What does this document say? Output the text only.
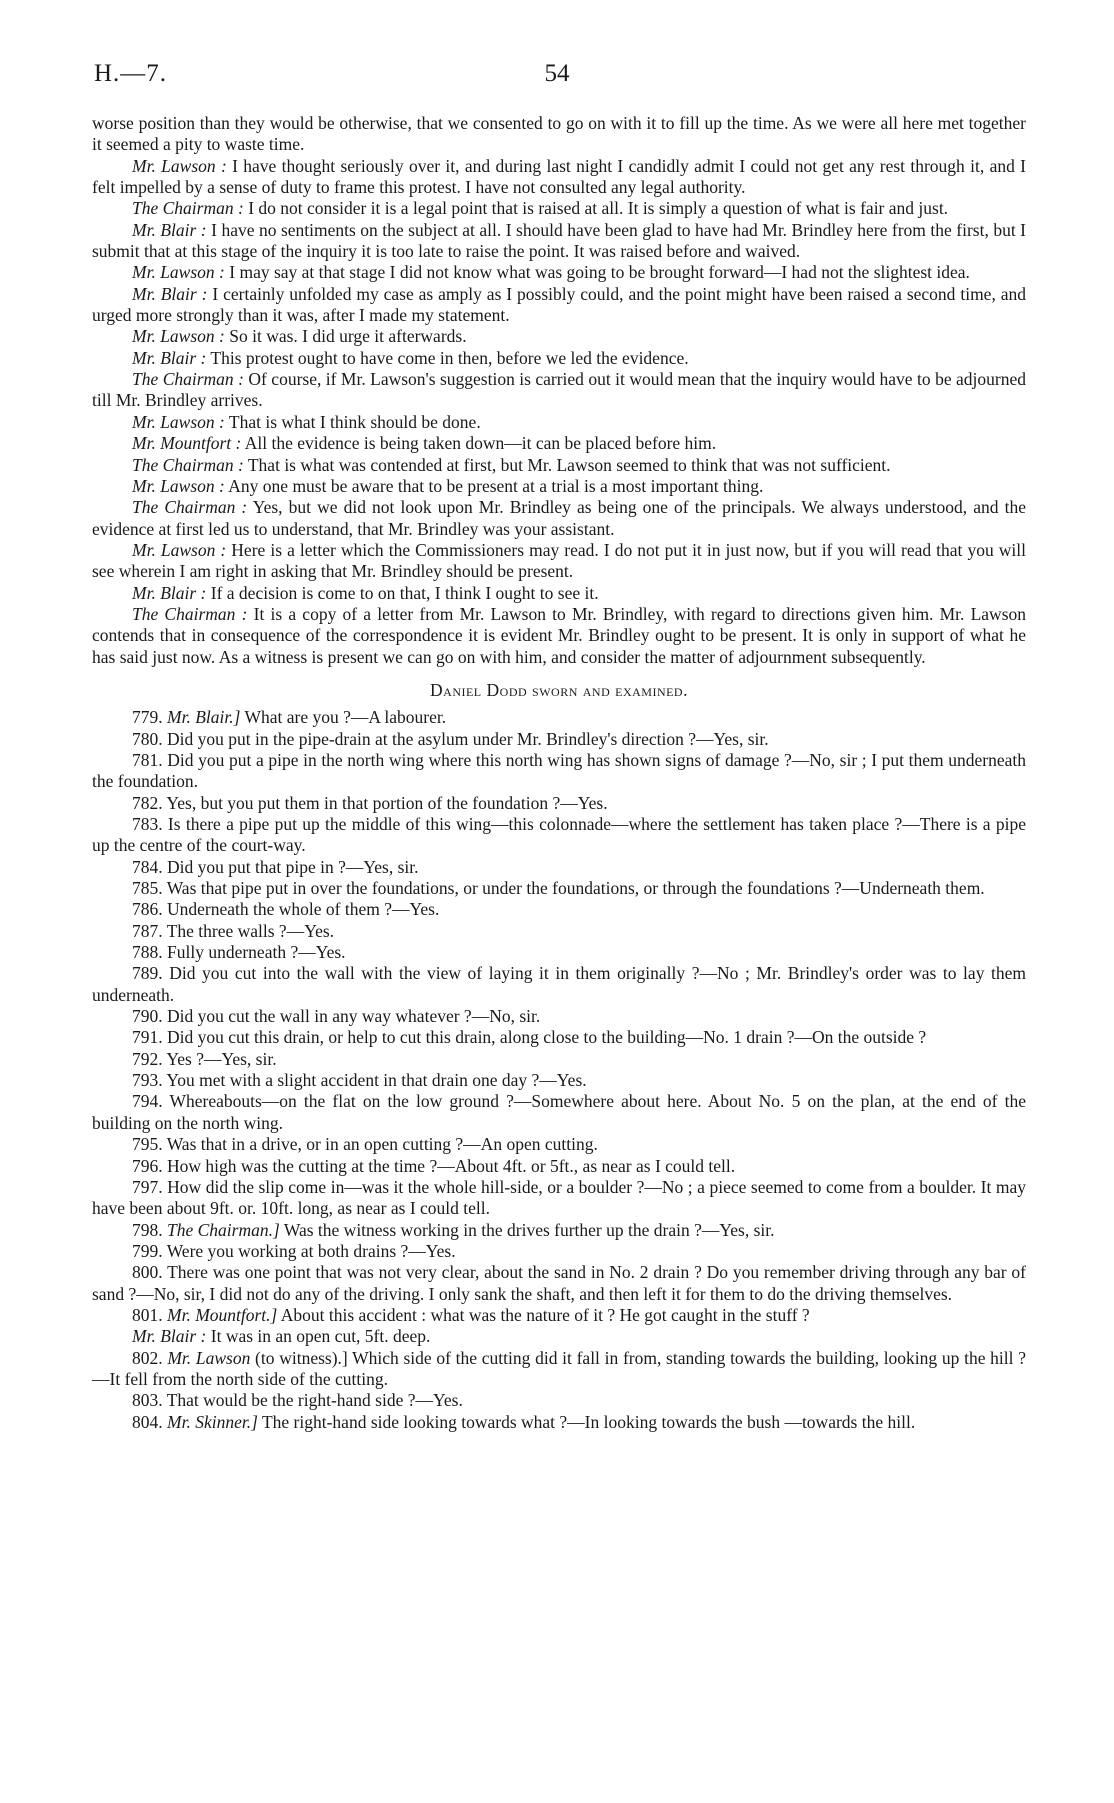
H.—7.	54

worse position than they would be otherwise, that we consented to go on with it to fill up the time. As we were all here met together it seemed a pity to waste time.

Mr. Lawson : I have thought seriously over it, and during last night I candidly admit I could not get any rest through it, and I felt impelled by a sense of duty to frame this protest. I have not consulted any legal authority.

The Chairman : I do not consider it is a legal point that is raised at all. It is simply a question of what is fair and just.

Mr. Blair : I have no sentiments on the subject at all. I should have been glad to have had Mr. Brindley here from the first, but I submit that at this stage of the inquiry it is too late to raise the point. It was raised before and waived.

Mr. Lawson : I may say at that stage I did not know what was going to be brought forward—I had not the slightest idea.

Mr. Blair : I certainly unfolded my case as amply as I possibly could, and the point might have been raised a second time, and urged more strongly than it was, after I made my statement.

Mr. Lawson : So it was. I did urge it afterwards.

Mr. Blair : This protest ought to have come in then, before we led the evidence.

The Chairman : Of course, if Mr. Lawson's suggestion is carried out it would mean that the inquiry would have to be adjourned till Mr. Brindley arrives.

Mr. Lawson : That is what I think should be done.

Mr. Mountfort : All the evidence is being taken down—it can be placed before him.

The Chairman : That is what was contended at first, but Mr. Lawson seemed to think that was not sufficient.

Mr. Lawson : Any one must be aware that to be present at a trial is a most important thing.

The Chairman : Yes, but we did not look upon Mr. Brindley as being one of the principals. We always understood, and the evidence at first led us to understand, that Mr. Brindley was your assistant.

Mr. Lawson : Here is a letter which the Commissioners may read. I do not put it in just now, but if you will read that you will see wherein I am right in asking that Mr. Brindley should be present.

Mr. Blair : If a decision is come to on that, I think I ought to see it.

The Chairman : It is a copy of a letter from Mr. Lawson to Mr. Brindley, with regard to directions given him. Mr. Lawson contends that in consequence of the correspondence it is evident Mr. Brindley ought to be present. It is only in support of what he has said just now. As a witness is present we can go on with him, and consider the matter of adjournment subsequently.

Daniel Dodd sworn and examined.

779. Mr. Blair.] What are you ?—A labourer.

780. Did you put in the pipe-drain at the asylum under Mr. Brindley's direction ?—Yes, sir.

781. Did you put a pipe in the north wing where this north wing has shown signs of damage ?—No, sir ; I put them underneath the foundation.

782. Yes, but you put them in that portion of the foundation ?—Yes.

783. Is there a pipe put up the middle of this wing—this colonnade—where the settlement has taken place ?—There is a pipe up the centre of the court-way.

784. Did you put that pipe in ?—Yes, sir.

785. Was that pipe put in over the foundations, or under the foundations, or through the foundations ?—Underneath them.

786. Underneath the whole of them ?—Yes.

787. The three walls ?—Yes.

788. Fully underneath ?—Yes.

789. Did you cut into the wall with the view of laying it in them originally ?—No ; Mr. Brindley's order was to lay them underneath.

790. Did you cut the wall in any way whatever ?—No, sir.

791. Did you cut this drain, or help to cut this drain, along close to the building—No. 1 drain ?—On the outside ?

792. Yes ?—Yes, sir.

793. You met with a slight accident in that drain one day ?—Yes.

794. Whereabouts—on the flat on the low ground ?—Somewhere about here. About No. 5 on the plan, at the end of the building on the north wing.

795. Was that in a drive, or in an open cutting ?—An open cutting.

796. How high was the cutting at the time ?—About 4ft. or 5ft., as near as I could tell.

797. How did the slip come in—was it the whole hill-side, or a boulder ?—No ; a piece seemed to come from a boulder. It may have been about 9ft. or. 10ft. long, as near as I could tell.

798. The Chairman.] Was the witness working in the drives further up the drain ?—Yes, sir.

799. Were you working at both drains ?—Yes.

800. There was one point that was not very clear, about the sand in No. 2 drain ? Do you remember driving through any bar of sand ?—No, sir, I did not do any of the driving. I only sank the shaft, and then left it for them to do the driving themselves.

801. Mr. Mountfort.] About this accident : what was the nature of it ? He got caught in the stuff ?

Mr. Blair : It was in an open cut, 5ft. deep.

802. Mr. Lawson (to witness).] Which side of the cutting did it fall in from, standing towards the building, looking up the hill ?—It fell from the north side of the cutting.

803. That would be the right-hand side ?—Yes.

804. Mr. Skinner.] The right-hand side looking towards what ?—In looking towards the bush —towards the hill.
